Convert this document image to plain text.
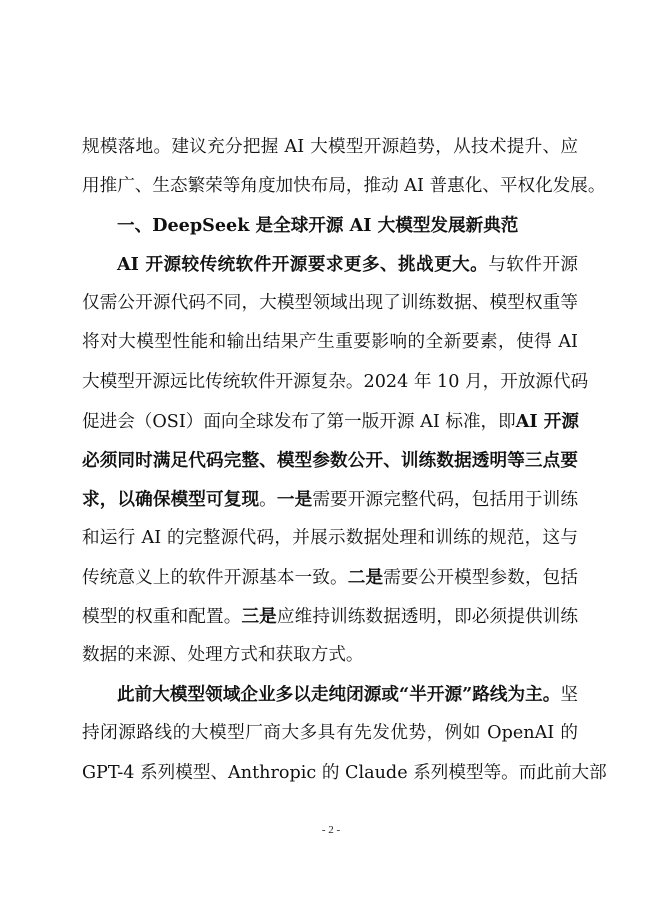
规模落地。建议充分把握 AI 大模型开源趋势，从技术提升、应
用推广、生态繁荣等角度加快布局，推动 AI 普惠化、平权化发展。
一、DeepSeek 是全球开源 AI 大模型发展新典范
AI 开源较传统软件开源要求更多、挑战更大。与软件开源
仅需公开源代码不同，大模型领域出现了训练数据、模型权重等
将对大模型性能和输出结果产生重要影响的全新要素，使得 AI
大模型开源远比传统软件开源复杂。2024 年 10 月，开放源代码
促进会（OSI）面向全球发布了第一版开源 AI 标准，即AI 开源
必须同时满足代码完整、模型参数公开、训练数据透明等三点要
求，以确保模型可复现。一是需要开源完整代码，包括用于训练
和运行 AI 的完整源代码，并展示数据处理和训练的规范，这与
传统意义上的软件开源基本一致。二是需要公开模型参数，包括
模型的权重和配置。三是应维持训练数据透明，即必须提供训练
数据的来源、处理方式和获取方式。
此前大模型领域企业多以走纯闭源或“半开源”路线为主。坚
持闭源路线的大模型厂商大多具有先发优势，例如 OpenAI 的
GPT-4 系列模型、Anthropic 的 Claude 系列模型等。而此前大部
- 2 -
